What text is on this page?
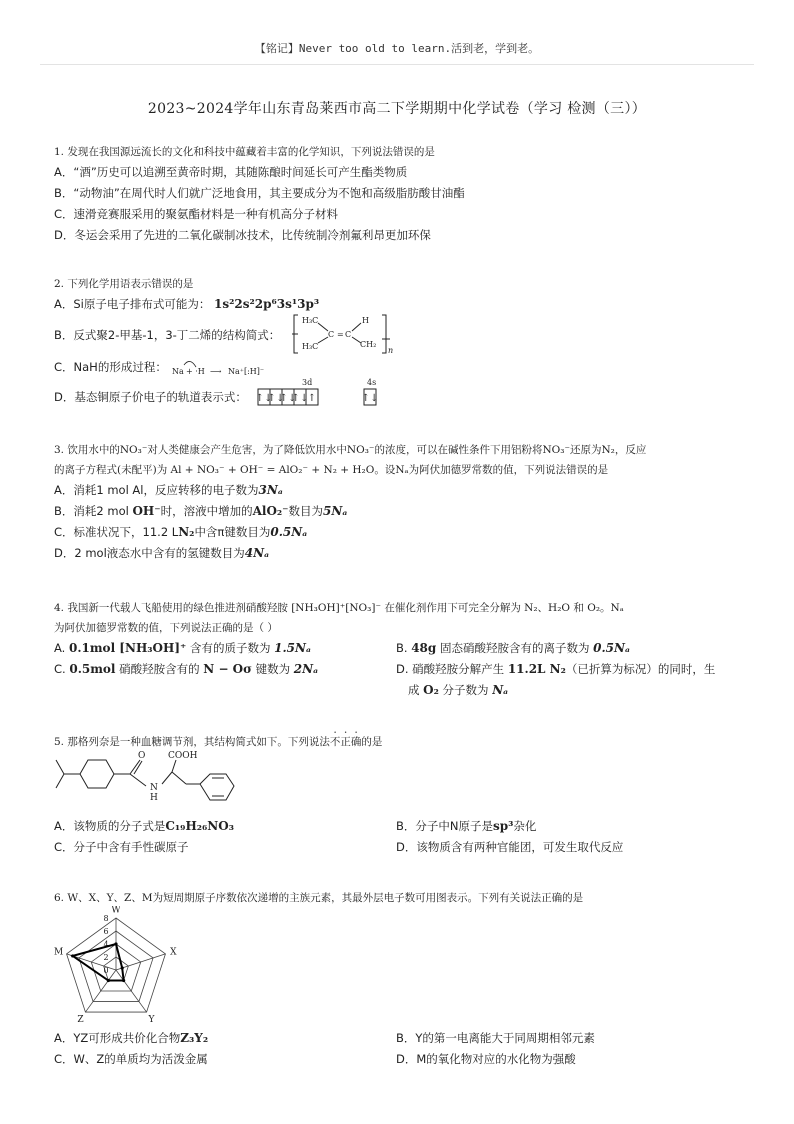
【铭记】Never too old to learn.活到老，学到老。
2023~2024学年山东青岛莱西市高二下学期期中化学试卷（学习 检测（三））
1. 发现在我国源远流长的文化和科技中蕴藏着丰富的化学知识，下列说法错误的是
A．“酒”历史可以追溯至黄帝时期，其随陈酿时间延长可产生酯类物质
B．“动物油”在周代时人们就广泛地食用，其主要成分为不饱和高级脂肪酸甘油酯
C．速滑竞赛服采用的聚氨酯材料是一种有机高分子材料
D．冬运会采用了先进的二氧化碳制冰技术，比传统制冷剂氟利昂更加环保
2. 下列化学用语表示错误的是
A．Si原子电子排布式可能为： 1s²2s²2p⁶3s¹3p³
B．反式聚2-甲基-1，3-丁二烯的结构简式：
H₃C
H₃C
C = C
H
CH₂
n
C．NaH的形成过程： Na + ·H ⟶ Na⁺[:H]⁻
D．基态铜原子价电子的轨道表示式：
3d	4s
↑↓
↑↓
↑↓
↑↓ ↑	↑↓
3. 饮用水中的NO₃⁻对人类健康会产生危害，为了降低饮用水中NO₃⁻的浓度，可以在碱性条件下用铝粉将NO₃⁻还原为N₂，反应
的离子方程式(未配平)为 Al + NO₃⁻ + OH⁻ = AlO₂⁻ + N₂ + H₂O。设Nₐ为阿伏加德罗常数的值，下列说法错误的是
A．消耗1 mol Al，反应转移的电子数为3Nₐ
B．消耗2 mol OH⁻时，溶液中增加的AlO₂⁻数目为5Nₐ
C．标准状况下，11.2 LN₂中含π键数目为0.5Nₐ
D．2 mol液态水中含有的氢键数目为4Nₐ
4. 我国新一代载人飞船使用的绿色推进剂硝酸羟胺 [NH₃OH]⁺[NO₃]⁻ 在催化剂作用下可完全分解为 N₂、H₂O 和 O₂。Nₐ
为阿伏加德罗常数的值，下列说法正确的是（ ）
A. 0.1mol [NH₃OH]⁺ 含有的质子数为 1.5Nₐ	B. 48g 固态硝酸羟胺含有的离子数为 0.5Nₐ
C. 0.5mol 硝酸羟胺含有的 N − Oσ 键数为 2Nₐ	D. 硝酸羟胺分解产生 11.2L N₂（已折算为标况）的同时，生
成 O₂ 分子数为 Nₐ
5. 那格列奈是一种血糖调节剂，其结构简式如下。下列说法不正确的是
O	COOH
N
H
A．该物质的分子式是C₁₉H₂₆NO₃	B．分子中N原子是sp³杂化
C．分子中含有手性碳原子	D．该物质含有两种官能团，可发生取代反应
6. W、X、Y、Z、M为短周期原子序数依次递增的主族元素，其最外层电子数可用图表示。下列有关说法正确的是
W
X
Y
Z
M
0
2
4
6
8
A．YZ可形成共价化合物Z₃Y₂	B．Y的第一电离能大于同周期相邻元素
C．W、Z的单质均为活泼金属	D．M的氧化物对应的水化物为强酸
